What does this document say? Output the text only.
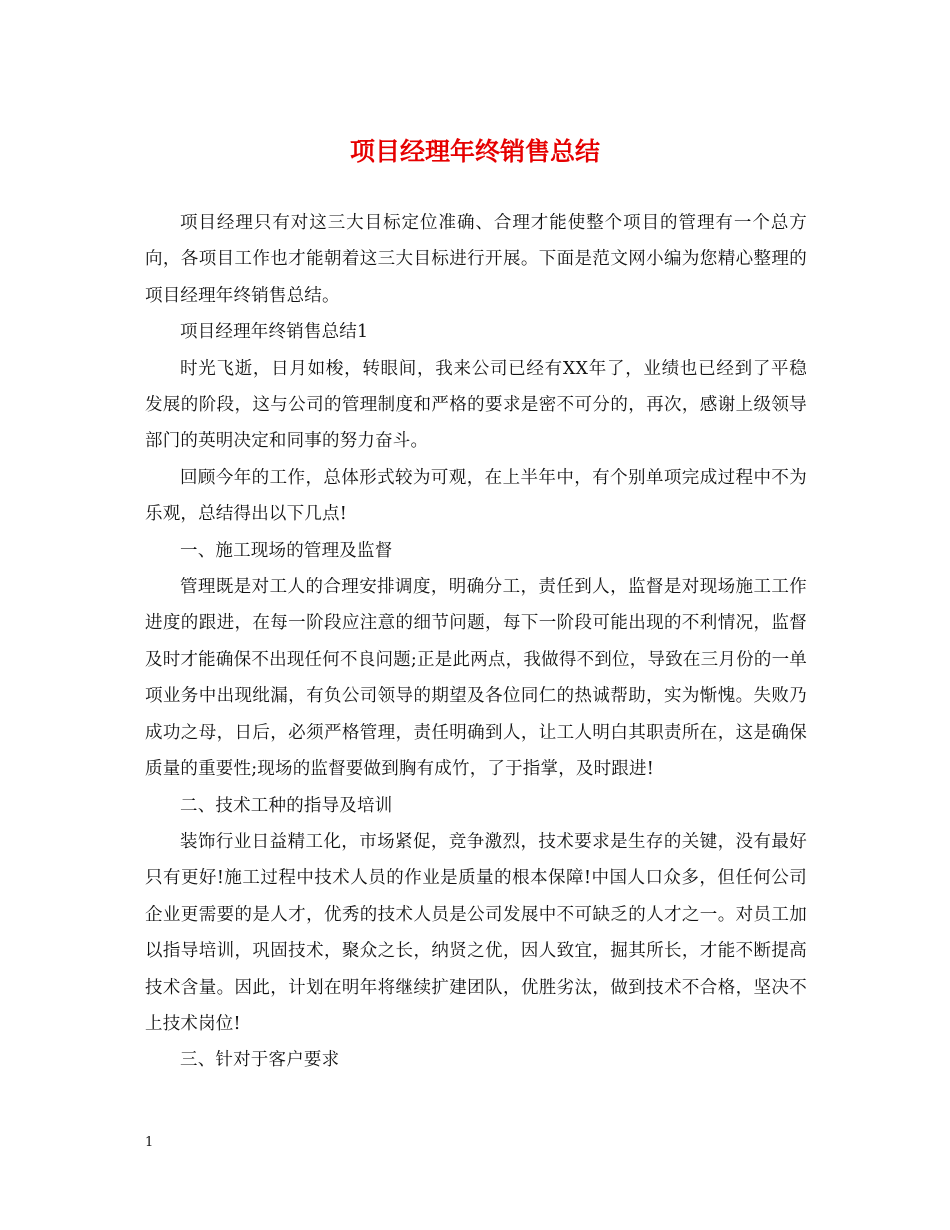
项目经理年终销售总结

项目经理只有对这三大目标定位准确、合理才能使整个项目的管理有一个总方向，各项目工作也才能朝着这三大目标进行开展。下面是范文网小编为您精心整理的项目经理年终销售总结。

项目经理年终销售总结1

时光飞逝，日月如梭，转眼间，我来公司已经有XX年了，业绩也已经到了平稳发展的阶段，这与公司的管理制度和严格的要求是密不可分的，再次，感谢上级领导部门的英明决定和同事的努力奋斗。

回顾今年的工作，总体形式较为可观，在上半年中，有个别单项完成过程中不为乐观，总结得出以下几点!

一、施工现场的管理及监督

管理既是对工人的合理安排调度，明确分工，责任到人，监督是对现场施工工作进度的跟进，在每一阶段应注意的细节问题，每下一阶段可能出现的不利情况，监督及时才能确保不出现任何不良问题;正是此两点，我做得不到位，导致在三月份的一单项业务中出现纰漏，有负公司领导的期望及各位同仁的热诚帮助，实为惭愧。失败乃成功之母，日后，必须严格管理，责任明确到人，让工人明白其职责所在，这是确保质量的重要性;现场的监督要做到胸有成竹，了于指掌，及时跟进!

二、技术工种的指导及培训

装饰行业日益精工化，市场紧促，竞争激烈，技术要求是生存的关键，没有最好只有更好!施工过程中技术人员的作业是质量的根本保障!中国人口众多，但任何公司企业更需要的是人才，优秀的技术人员是公司发展中不可缺乏的人才之一。对员工加以指导培训，巩固技术，聚众之长，纳贤之优，因人致宜，掘其所长，才能不断提高技术含量。因此，计划在明年将继续扩建团队，优胜劣汰，做到技术不合格，坚决不上技术岗位!

三、针对于客户要求

1
